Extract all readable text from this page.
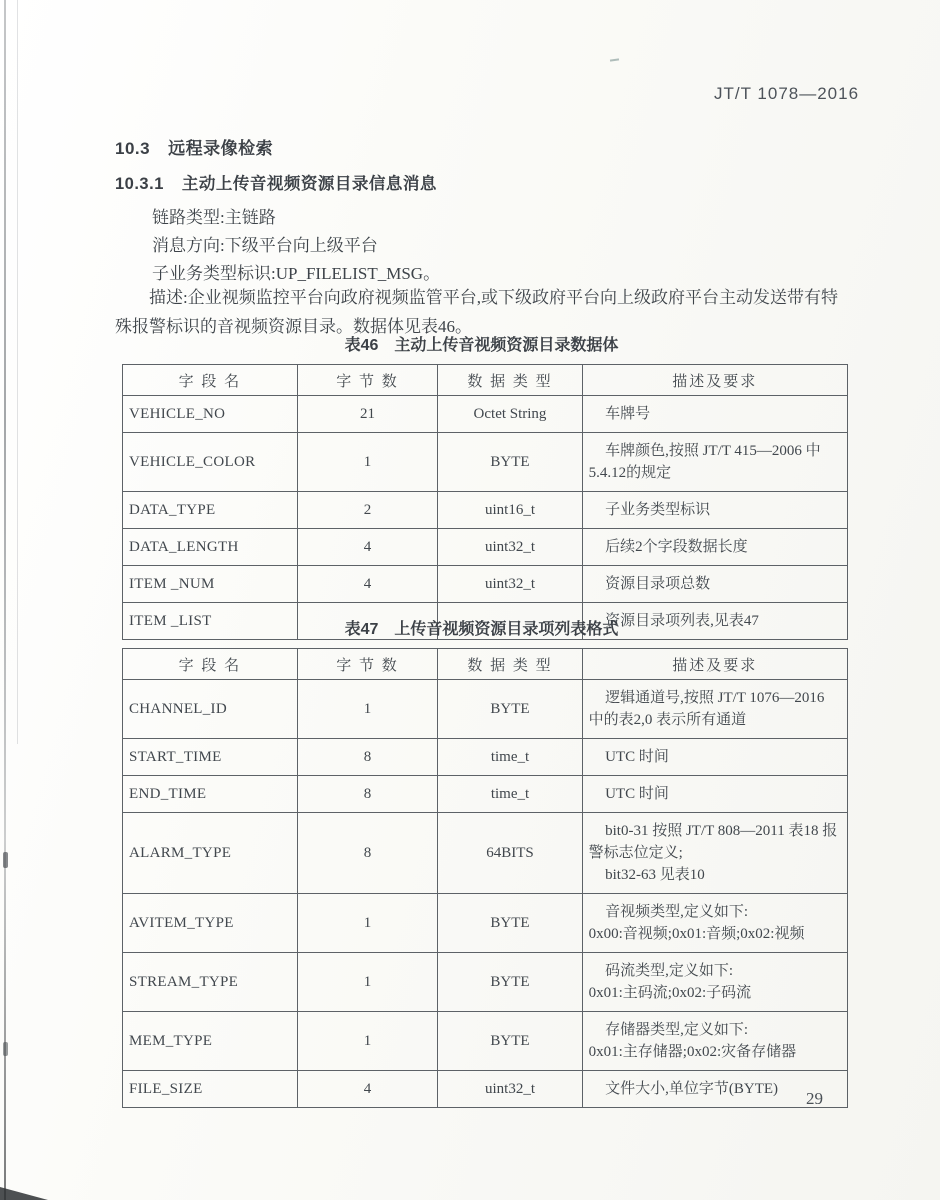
JT/T 1078—2016
10.3 远程录像检索
10.3.1 主动上传音视频资源目录信息消息
链路类型:主链路
消息方向:下级平台向上级平台
子业务类型标识:UP_FILELIST_MSG。

描述:企业视频监控平台向政府视频监管平台,或下级政府平台向上级政府平台主动发送带有特殊报警标识的音视频资源目录。数据体见表46。

表46 主动上传音视频资源目录数据体
字 段 名	字 节 数	数 据 类 型	描述及要求
VEHICLE_NO	21	Octet String	车牌号

VEHICLE_COLOR	1	BYTE	车牌颜色,按照 JT/T 415—2006 中5.4.12的规定

DATA_TYPE	2	uint16_t	子业务类型标识

DATA_LENGTH	4	uint32_t	后续2个字段数据长度

ITEM _NUM	4	uint32_t	资源目录项总数

ITEM _LIST			资源目录项列表,见表47

表47 上传音视频资源目录项列表格式
字 段 名	字 节 数	数 据 类 型	描述及要求
CHANNEL_ID	1	BYTE	逻辑通道号,按照 JT/T 1076—2016 中的表2,0 表示所有通道

START_TIME	8	time_t	UTC 时间

END_TIME	8	time_t	UTC 时间

ALARM_TYPE	8	64BITS	bit0-31 按照 JT/T 808—2011 表18 报警标志位定义;

bit32-63 见表10

AVITEM_TYPE	1	BYTE	音视频类型,定义如下:

0x00:音视频;0x01:音频;0x02:视频

STREAM_TYPE	1	BYTE	码流类型,定义如下:

0x01:主码流;0x02:子码流

MEM_TYPE	1	BYTE	存储器类型,定义如下:

0x01:主存储器;0x02:灾备存储器

FILE_SIZE	4	uint32_t	文件大小,单位字节(BYTE)	29
